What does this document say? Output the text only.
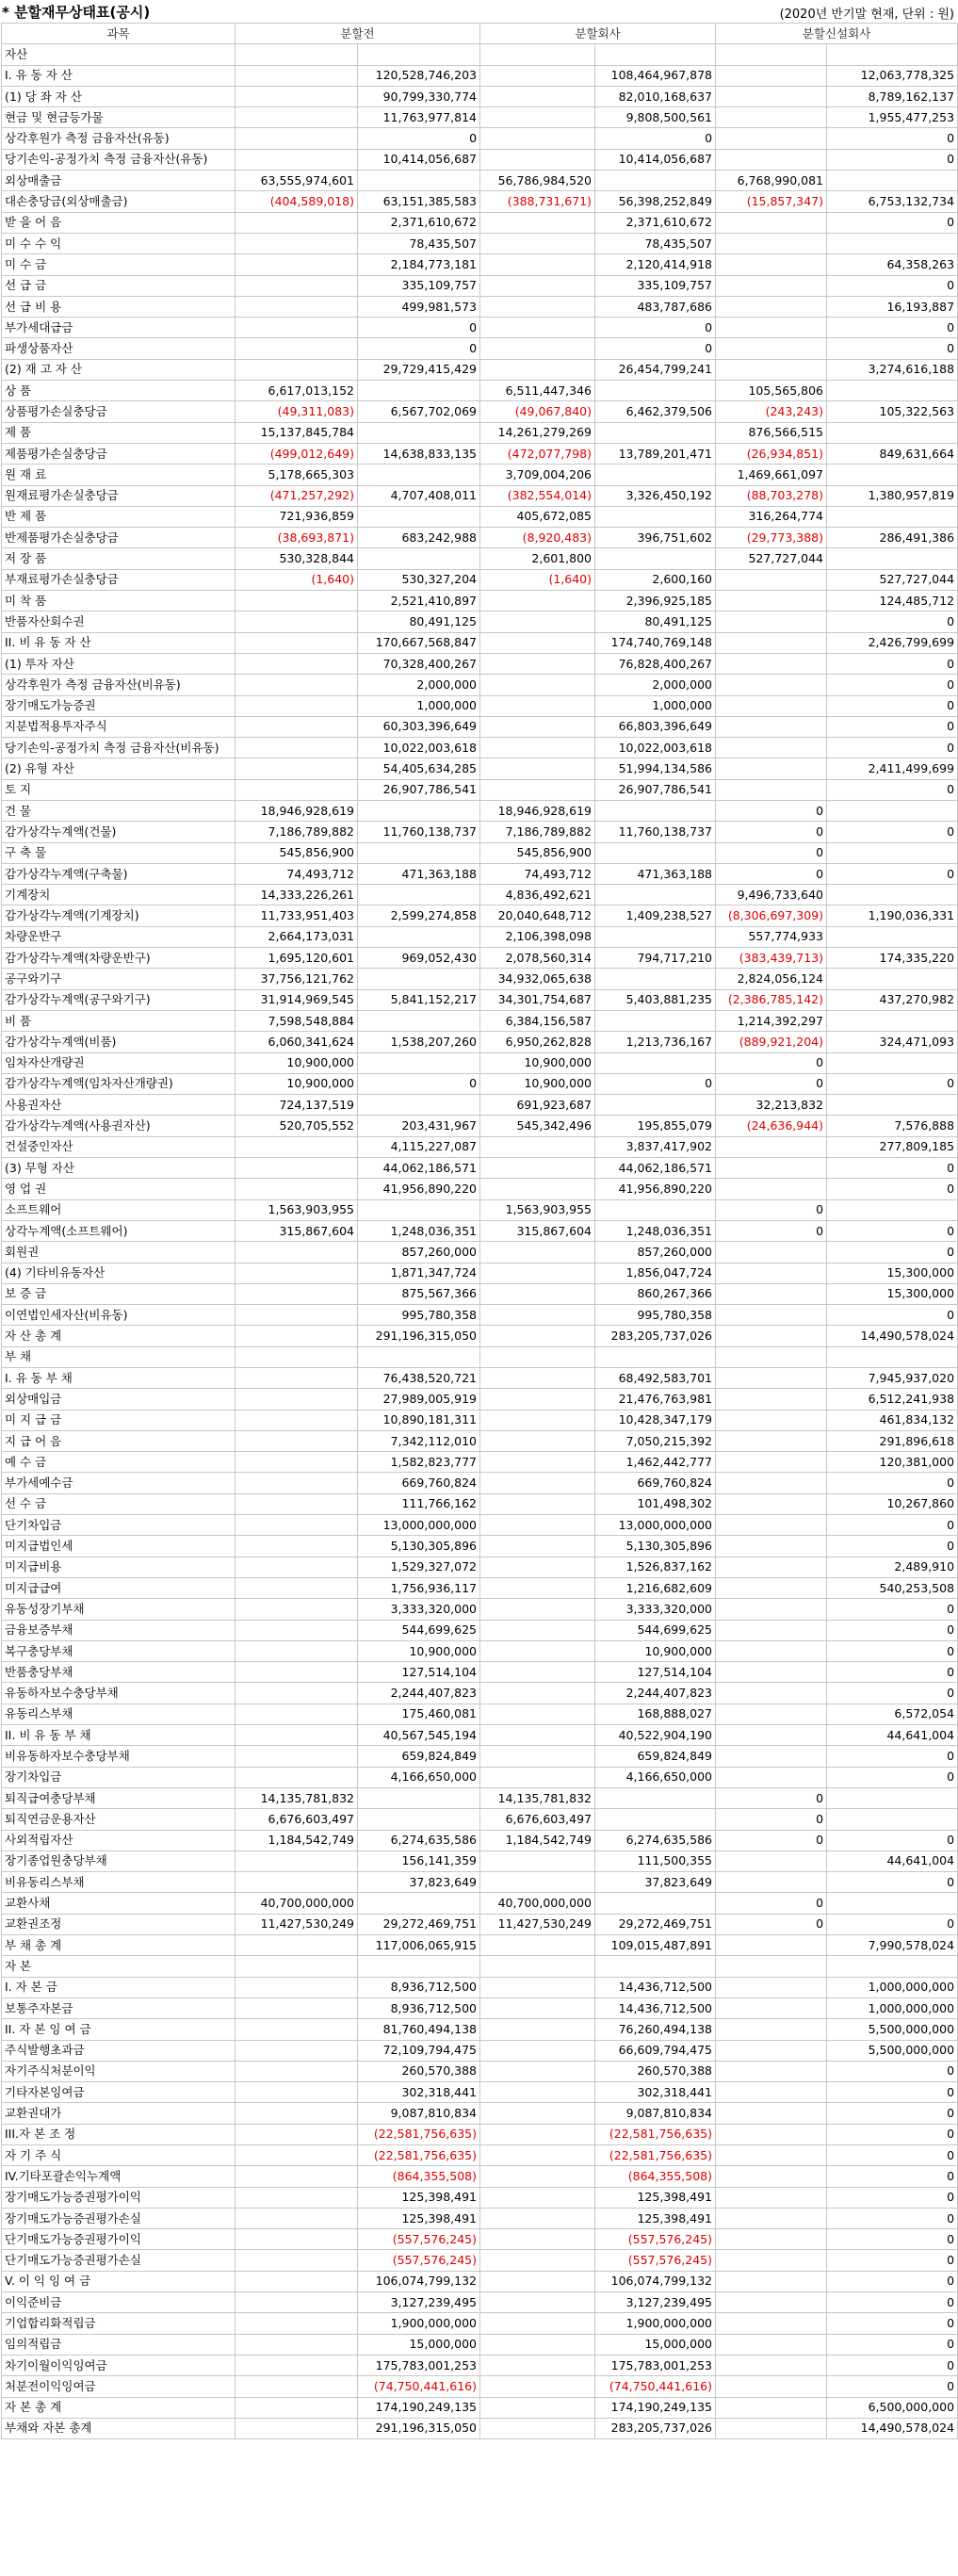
* 분할재무상태표(공시)	(2020년 반기말 현재, 단위 : 원)
과목	분할전		분할회사		분할신설회사	
자산						
I. 유 동 자 산		120,528,746,203		108,464,967,878		12,063,778,325
(1) 당 좌 자 산		90,799,330,774		82,010,168,637		8,789,162,137
현금 및 현금등가물		11,763,977,814		9,808,500,561		1,955,477,253
상각후원가 측정 금융자산(유동)		0		0		0
당기손익-공정가치 측정 금융자산(유동)		10,414,056,687		10,414,056,687		0
외상매출금	63,555,974,601		56,786,984,520		6,768,990,081	
대손충당금(외상매출금)	(404,589,018)	63,151,385,583	(388,731,671)	56,398,252,849	(15,857,347)	6,753,132,734
받 을 어 음		2,371,610,672		2,371,610,672		0
미 수 수 익		78,435,507		78,435,507		
미 수 금		2,184,773,181		2,120,414,918		64,358,263
선 급 금		335,109,757		335,109,757		0
선 급 비 용		499,981,573		483,787,686		16,193,887
부가세대급금		0		0		0
파생상품자산		0		0		0
(2) 재 고 자 산		29,729,415,429		26,454,799,241		3,274,616,188
상 품	6,617,013,152		6,511,447,346		105,565,806	
상품평가손실충당금	(49,311,083)	6,567,702,069	(49,067,840)	6,462,379,506	(243,243)	105,322,563
제 품	15,137,845,784		14,261,279,269		876,566,515	
제품평가손실충당금	(499,012,649)	14,638,833,135	(472,077,798)	13,789,201,471	(26,934,851)	849,631,664
원 재 료	5,178,665,303		3,709,004,206		1,469,661,097	
원재료평가손실충당금	(471,257,292)	4,707,408,011	(382,554,014)	3,326,450,192	(88,703,278)	1,380,957,819
반 제 품	721,936,859		405,672,085		316,264,774	
반제품평가손실충당금	(38,693,871)	683,242,988	(8,920,483)	396,751,602	(29,773,388)	286,491,386
저 장 품	530,328,844		2,601,800		527,727,044	
부재료평가손실충당금	(1,640)	530,327,204	(1,640)	2,600,160		527,727,044
미 착 품		2,521,410,897		2,396,925,185		124,485,712
반품자산회수권		80,491,125		80,491,125		0
II. 비 유 동 자 산		170,667,568,847		174,740,769,148		2,426,799,699
(1) 투자 자산		70,328,400,267		76,828,400,267		0
상각후원가 측정 금융자산(비유동)		2,000,000		2,000,000		0
장기매도가능증권		1,000,000		1,000,000		0
지분법적용투자주식		60,303,396,649		66,803,396,649		0
당기손익-공정가치 측정 금융자산(비유동)		10,022,003,618		10,022,003,618		0
(2) 유형 자산		54,405,634,285		51,994,134,586		2,411,499,699
토 지		26,907,786,541		26,907,786,541		0
건 물	18,946,928,619		18,946,928,619		0	
감가상각누계액(건물)	7,186,789,882	11,760,138,737	7,186,789,882	11,760,138,737	0	0
구 축 물	545,856,900		545,856,900		0	
감가상각누계액(구축물)	74,493,712	471,363,188	74,493,712	471,363,188	0	0
기계장치	14,333,226,261		4,836,492,621		9,496,733,640	
감가상각누계액(기계장치)	11,733,951,403	2,599,274,858	20,040,648,712	1,409,238,527	(8,306,697,309)	1,190,036,331
차량운반구	2,664,173,031		2,106,398,098		557,774,933	
감가상각누계액(차량운반구)	1,695,120,601	969,052,430	2,078,560,314	794,717,210	(383,439,713)	174,335,220
공구와기구	37,756,121,762		34,932,065,638		2,824,056,124	
감가상각누계액(공구와기구)	31,914,969,545	5,841,152,217	34,301,754,687	5,403,881,235	(2,386,785,142)	437,270,982
비 품	7,598,548,884		6,384,156,587		1,214,392,297	
감가상각누계액(비품)	6,060,341,624	1,538,207,260	6,950,262,828	1,213,736,167	(889,921,204)	324,471,093
임차자산개량권	10,900,000		10,900,000		0	
감가상각누계액(임차자산개량권)	10,900,000	0	10,900,000	0	0	0
사용권자산	724,137,519		691,923,687		32,213,832	
감가상각누계액(사용권자산)	520,705,552	203,431,967	545,342,496	195,855,079	(24,636,944)	7,576,888
건설중인자산		4,115,227,087		3,837,417,902		277,809,185
(3) 무형 자산		44,062,186,571		44,062,186,571		0
영 업 권		41,956,890,220		41,956,890,220		0
소프트웨어	1,563,903,955		1,563,903,955		0	
상각누계액(소프트웨어)	315,867,604	1,248,036,351	315,867,604	1,248,036,351	0	0
회원권		857,260,000		857,260,000		0
(4) 기타비유동자산		1,871,347,724		1,856,047,724		15,300,000
보 증 금		875,567,366		860,267,366		15,300,000
이연법인세자산(비유동)		995,780,358		995,780,358		0
자 산 총 계		291,196,315,050		283,205,737,026		14,490,578,024
부 채						
I. 유 동 부 채		76,438,520,721		68,492,583,701		7,945,937,020
외상매입금		27,989,005,919		21,476,763,981		6,512,241,938
미 지 급 금		10,890,181,311		10,428,347,179		461,834,132
지 급 어 음		7,342,112,010		7,050,215,392		291,896,618
예 수 금		1,582,823,777		1,462,442,777		120,381,000
부가세예수금		669,760,824		669,760,824		0
선 수 금		111,766,162		101,498,302		10,267,860
단기차입금		13,000,000,000		13,000,000,000		0
미지급법인세		5,130,305,896		5,130,305,896		0
미지급비용		1,529,327,072		1,526,837,162		2,489,910
미지급급여		1,756,936,117		1,216,682,609		540,253,508
유동성장기부채		3,333,320,000		3,333,320,000		0
금융보증부채		544,699,625		544,699,625		0
복구충당부채		10,900,000		10,900,000		0
반품충당부채		127,514,104		127,514,104		0
유동하자보수충당부채		2,244,407,823		2,244,407,823		0
유동리스부채		175,460,081		168,888,027		6,572,054
II. 비 유 동 부 채		40,567,545,194		40,522,904,190		44,641,004
비유동하자보수충당부채		659,824,849		659,824,849		0
장기차입금		4,166,650,000		4,166,650,000		0
퇴직급여충당부채	14,135,781,832		14,135,781,832		0	
퇴직연금운용자산	6,676,603,497		6,676,603,497		0	
사외적립자산	1,184,542,749	6,274,635,586	1,184,542,749	6,274,635,586	0	0
장기종업원충당부채		156,141,359		111,500,355		44,641,004
비유동리스부채		37,823,649		37,823,649		0
교환사채	40,700,000,000		40,700,000,000		0	
교환권조정	11,427,530,249	29,272,469,751	11,427,530,249	29,272,469,751	0	0
부 채 총 계		117,006,065,915		109,015,487,891		7,990,578,024
자 본						
I. 자 본 금		8,936,712,500		14,436,712,500		1,000,000,000
보통주자본금		8,936,712,500		14,436,712,500		1,000,000,000
II. 자 본 잉 여 금		81,760,494,138		76,260,494,138		5,500,000,000
주식발행초과금		72,109,794,475		66,609,794,475		5,500,000,000
자기주식처분이익		260,570,388		260,570,388		0
기타자본잉여금		302,318,441		302,318,441		0
교환권대가		9,087,810,834		9,087,810,834		0
III.자 본 조 정		(22,581,756,635)		(22,581,756,635)		0
자 기 주 식		(22,581,756,635)		(22,581,756,635)		0
IV.기타포괄손익누계액		(864,355,508)		(864,355,508)		0
장기매도가능증권평가이익		125,398,491		125,398,491		0
장기매도가능증권평가손실		125,398,491		125,398,491		0
단기매도가능증권평가이익		(557,576,245)		(557,576,245)		0
단기매도가능증권평가손실		(557,576,245)		(557,576,245)		0
V. 이 익 잉 여 금		106,074,799,132		106,074,799,132		0
이익준비금		3,127,239,495		3,127,239,495		0
기업합리화적립금		1,900,000,000		1,900,000,000		0
임의적립금		15,000,000		15,000,000		0
차기이월이익잉여금		175,783,001,253		175,783,001,253		0
처분전이익잉여금		(74,750,441,616)		(74,750,441,616)		0
자 본 총 계		174,190,249,135		174,190,249,135		6,500,000,000
부채와 자본 총계		291,196,315,050		283,205,737,026		14,490,578,024
